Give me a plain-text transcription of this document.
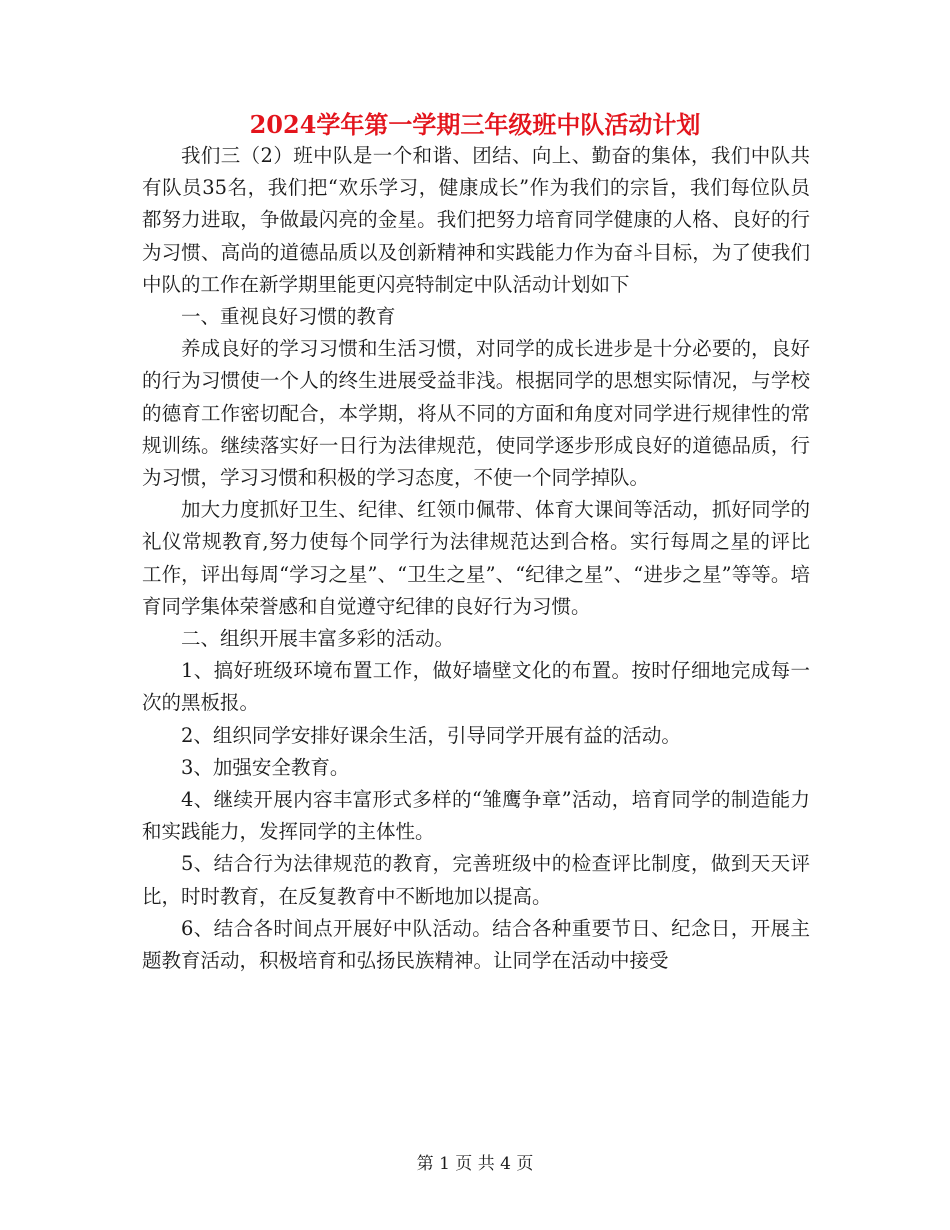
2024学年第一学期三年级班中队活动计划

我们三（2）班中队是一个和谐、团结、向上、勤奋的集体，我们中队共有队员35名，我们把“欢乐学习，健康成长”作为我们的宗旨，我们每位队员都努力进取，争做最闪亮的金星。我们把努力培育同学健康的人格、良好的行为习惯、高尚的道德品质以及创新精神和实践能力作为奋斗目标，为了使我们中队的工作在新学期里能更闪亮特制定中队活动计划如下

一、重视良好习惯的教育

养成良好的学习习惯和生活习惯，对同学的成长进步是十分必要的，良好的行为习惯使一个人的终生进展受益非浅。根据同学的思想实际情况，与学校的德育工作密切配合，本学期，将从不同的方面和角度对同学进行规律性的常规训练。继续落实好一日行为法律规范，使同学逐步形成良好的道德品质，行为习惯，学习习惯和积极的学习态度，不使一个同学掉队。

加大力度抓好卫生、纪律、红领巾佩带、体育大课间等活动，抓好同学的礼仪常规教育,努力使每个同学行为法律规范达到合格。实行每周之星的评比工作，评出每周“学习之星”、“卫生之星”、“纪律之星”、“进步之星”等等。培育同学集体荣誉感和自觉遵守纪律的良好行为习惯。

二、组织开展丰富多彩的活动。

1、搞好班级环境布置工作，做好墙壁文化的布置。按时仔细地完成每一次的黑板报。

2、组织同学安排好课余生活，引导同学开展有益的活动。

3、加强安全教育。

4、继续开展内容丰富形式多样的“雏鹰争章”活动，培育同学的制造能力和实践能力，发挥同学的主体性。

5、结合行为法律规范的教育，完善班级中的检查评比制度，做到天天评比，时时教育，在反复教育中不断地加以提高。

6、结合各时间点开展好中队活动。结合各种重要节日、纪念日，开展主题教育活动，积极培育和弘扬民族精神。让同学在活动中接受

第 1 页 共 4 页
